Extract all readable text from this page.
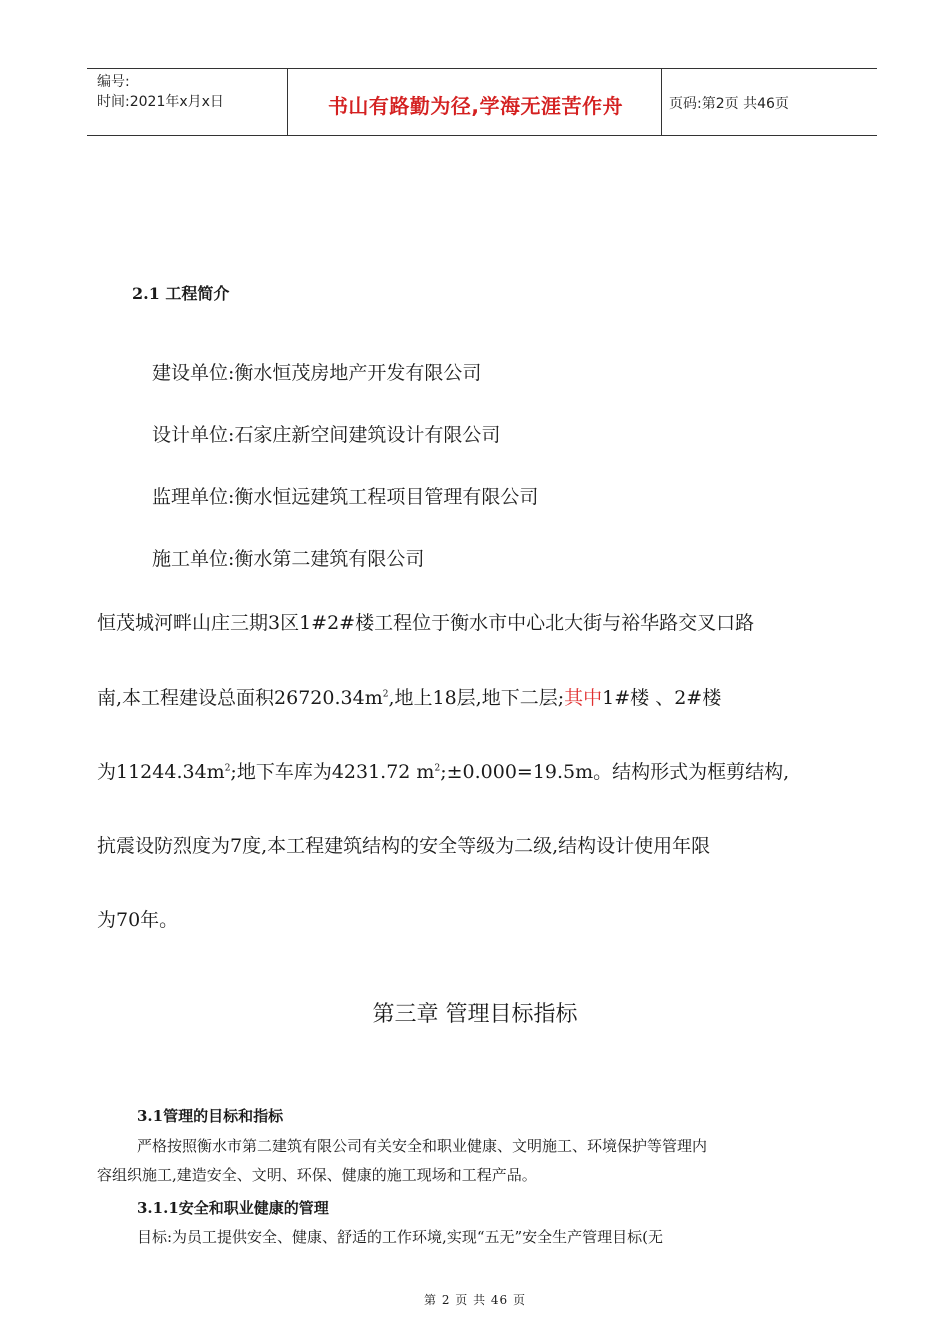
编号:
时间:2021年x月x日	书山有路勤为径,学海无涯苦作舟	页码:第2页 共46页
2.1 工程简介
建设单位:衡水恒茂房地产开发有限公司
设计单位:石家庄新空间建筑设计有限公司
监理单位:衡水恒远建筑工程项目管理有限公司
施工单位:衡水第二建筑有限公司
恒茂城河畔山庄三期3区1#2#楼工程位于衡水市中心北大街与裕华路交叉口路
南,本工程建设总面积$26720.34m^2$,地上18层,地下二层;其中1#楼 、2#楼
为$11244.34m^2$;地下车库为4231.72 $m^2;\pm 0.000=19.5m$。结构形式为框剪结构,
抗震设防烈度为7度,本工程建筑结构的安全等级为二级,结构设计使用年限
为70年。
第三章 管理目标指标
3.1管理的目标和指标
严格按照衡水市第二建筑有限公司有关安全和职业健康、文明施工、环境保护等管理内
容组织施工,建造安全、文明、环保、健康的施工现场和工程产品。
3.1.1安全和职业健康的管理
目标:为员工提供安全、健康、舒适的工作环境,实现“五无”安全生产管理目标(无
第 2 页 共 46 页
